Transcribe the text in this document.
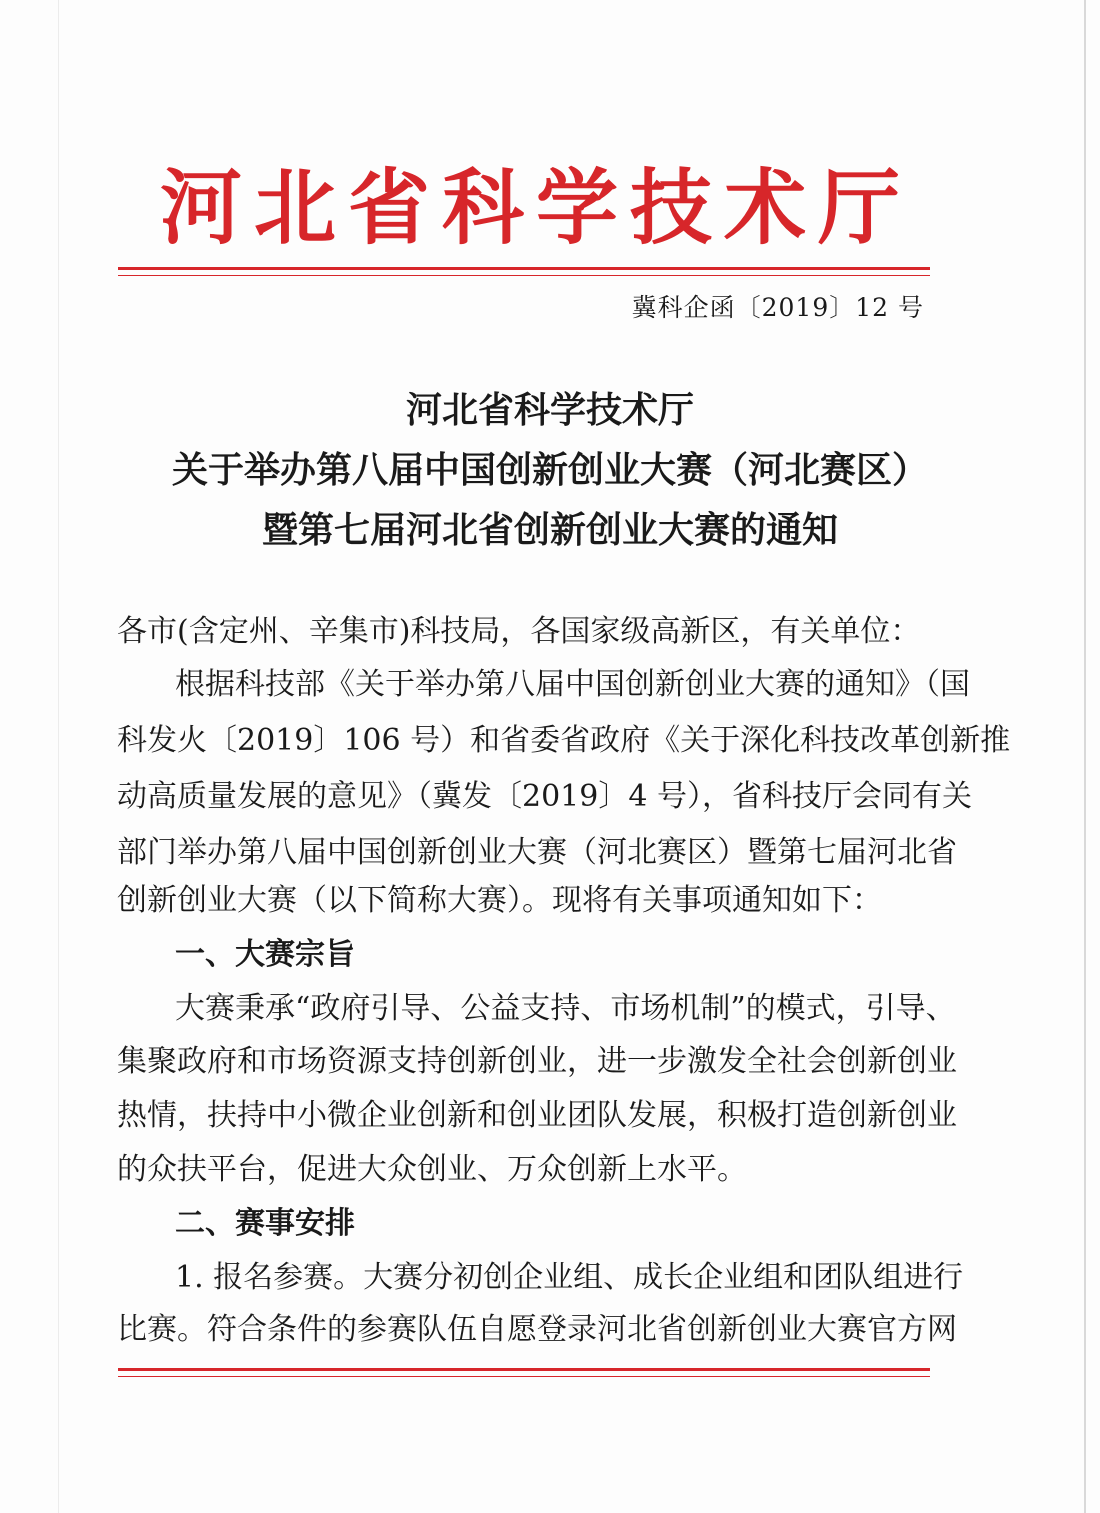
河北省科学技术厅
冀科企函〔2019〕12 号
河北省科学技术厅
关于举办第八届中国创新创业大赛（河北赛区）
暨第七届河北省创新创业大赛的通知
各市(含定州、辛集市)科技局，各国家级高新区，有关单位：
根据科技部《关于举办第八届中国创新创业大赛的通知》（国
科发火〔2019〕106 号）和省委省政府《关于深化科技改革创新推
动高质量发展的意见》（冀发〔2019〕4 号），省科技厅会同有关
部门举办第八届中国创新创业大赛（河北赛区）暨第七届河北省
创新创业大赛（以下简称大赛）。现将有关事项通知如下：
一、大赛宗旨
大赛秉承“政府引导、公益支持、市场机制”的模式，引导、
集聚政府和市场资源支持创新创业，进一步激发全社会创新创业
热情，扶持中小微企业创新和创业团队发展，积极打造创新创业
的众扶平台，促进大众创业、万众创新上水平。
二、赛事安排
1. 报名参赛。大赛分初创企业组、成长企业组和团队组进行
比赛。符合条件的参赛队伍自愿登录河北省创新创业大赛官方网
